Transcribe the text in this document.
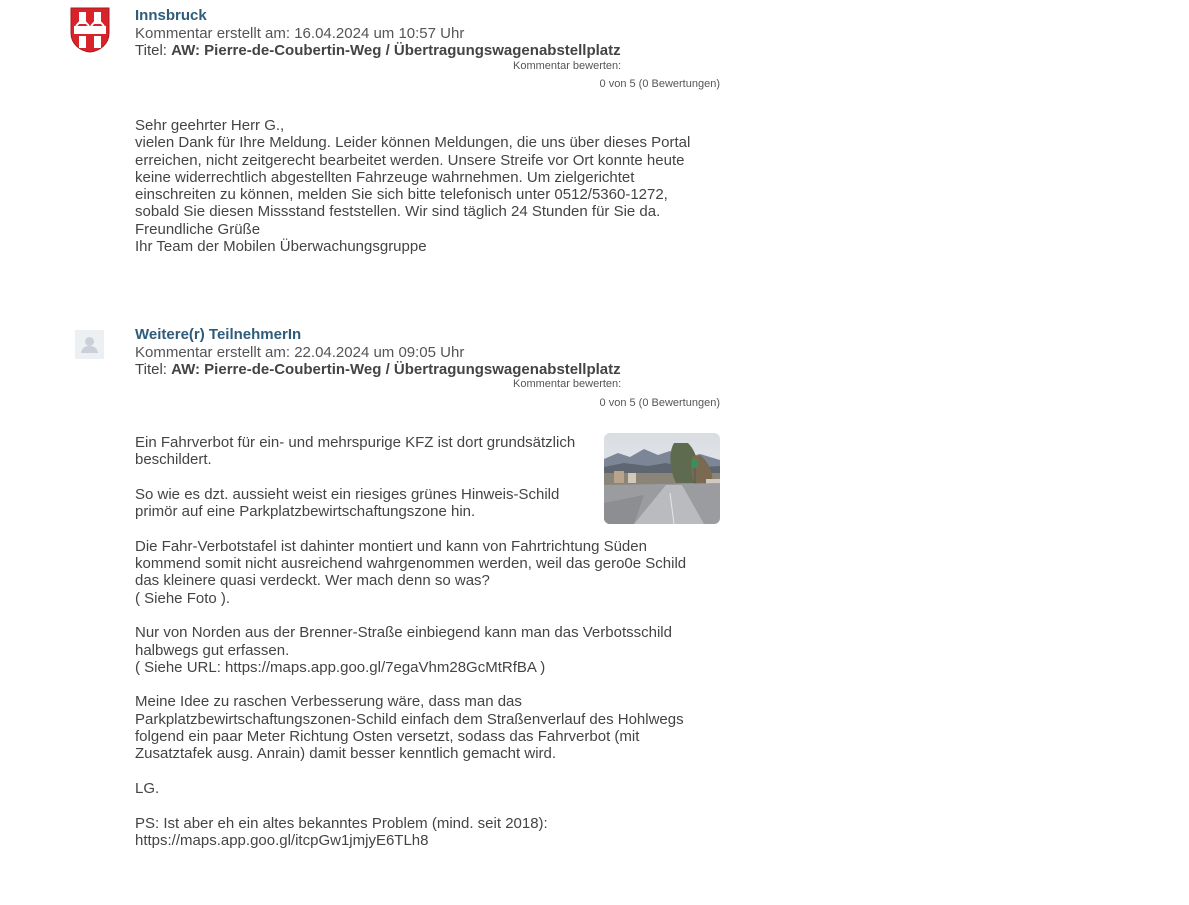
Innsbruck
Kommentar erstellt am: 16.04.2024 um 10:57 Uhr
Titel: AW: Pierre-de-Coubertin-Weg / Übertragungswagenabstellplatz
Kommentar bewerten:
0 von 5 (0 Bewertungen)

Sehr geehrter Herr G.,

vielen Dank für Ihre Meldung. Leider können Meldungen, die uns über dieses Portal

erreichen, nicht zeitgerecht bearbeitet werden. Unsere Streife vor Ort konnte heute

keine widerrechtlich abgestellten Fahrzeuge wahrnehmen. Um zielgerichtet

einschreiten zu können, melden Sie sich bitte telefonisch unter 0512/5360-1272,

sobald Sie diesen Missstand feststellen. Wir sind täglich 24 Stunden für Sie da.

Freundliche Grüße

Ihr Team der Mobilen Überwachungsgruppe

Weitere(r) TeilnehmerIn
Kommentar erstellt am: 22.04.2024 um 09:05 Uhr
Titel: AW: Pierre-de-Coubertin-Weg / Übertragungswagenabstellplatz
Kommentar bewerten:
0 von 5 (0 Bewertungen)

Ein Fahrverbot für ein- und mehrspurige KFZ ist dort grundsätzlich

beschildert.

So wie es dzt. aussieht weist ein riesiges grünes Hinweis-Schild

primör auf eine Parkplatzbewirtschaftungszone hin.

Die Fahr-Verbotstafel ist dahinter montiert und kann von Fahrtrichtung Süden

kommend somit nicht ausreichend wahrgenommen werden, weil das gero0e Schild

das kleinere quasi verdeckt. Wer mach denn so was?

( Siehe Foto ).

Nur von Norden aus der Brenner-Straße einbiegend kann man das Verbotsschild

halbwegs gut erfassen.

( Siehe URL: https://maps.app.goo.gl/7egaVhm28GcMtRfBA )

Meine Idee zu raschen Verbesserung wäre, dass man das

Parkplatzbewirtschaftungszonen-Schild einfach dem Straßenverlauf des Hohlwegs

folgend ein paar Meter Richtung Osten versetzt, sodass das Fahrverbot (mit

Zusatztafek ausg. Anrain) damit besser kenntlich gemacht wird.

LG.

PS: Ist aber eh ein altes bekanntes Problem (mind. seit 2018):

https://maps.app.goo.gl/itcpGw1jmjyE6TLh8
